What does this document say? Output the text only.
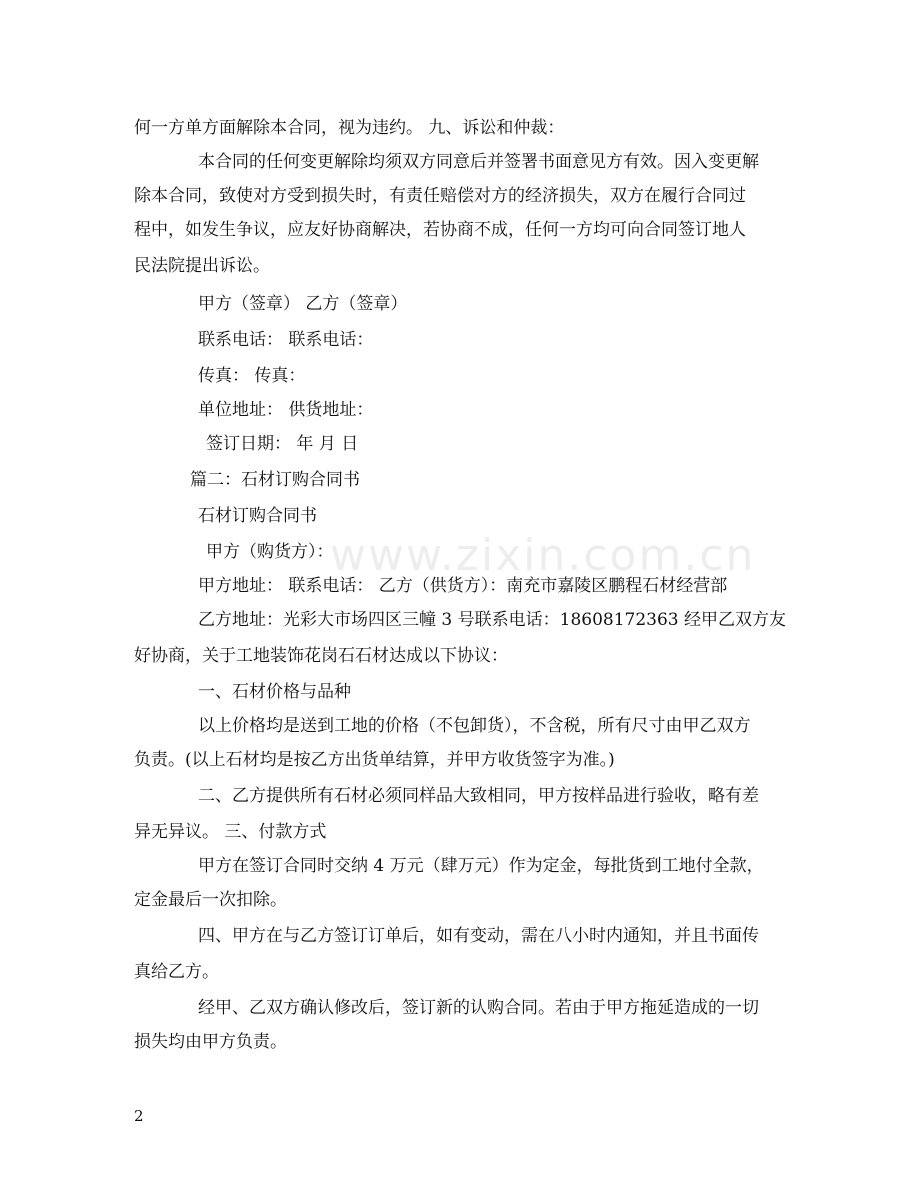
www.zixin.com.cn
何一方单方面解除本合同，视为违约。 九、诉讼和仲裁：
本合同的任何变更解除均须双方同意后并签署书面意见方有效。因入变更解
除本合同，致使对方受到损失时，有责任赔偿对方的经济损失，双方在履行合同过
程中，如发生争议，应友好协商解决，若协商不成，任何一方均可向合同签订地人
民法院提出诉讼。
甲方（签章） 乙方（签章）
联系电话： 联系电话：
传真： 传真：
单位地址： 供货地址：
签订日期： 年 月 日
篇二：石材订购合同书
石材订购合同书
甲方（购货方）：
甲方地址： 联系电话： 乙方（供货方）：南充市嘉陵区鹏程石材经营部
乙方地址：光彩大市场四区三幢 3 号联系电话：18608172363 经甲乙双方友
好协商，关于工地装饰花岗石石材达成以下协议：
一、石材价格与品种
以上价格均是送到工地的价格（不包卸货），不含税，所有尺寸由甲乙双方
负责。(以上石材均是按乙方出货单结算，并甲方收货签字为准。)
二、乙方提供所有石材必须同样品大致相同，甲方按样品进行验收，略有差
异无异议。 三、付款方式
甲方在签订合同时交纳 4 万元（肆万元）作为定金，每批货到工地付全款，
定金最后一次扣除。
四、甲方在与乙方签订订单后，如有变动，需在八小时内通知，并且书面传
真给乙方。
经甲、乙双方确认修改后，签订新的认购合同。若由于甲方拖延造成的一切
损失均由甲方负责。
2
